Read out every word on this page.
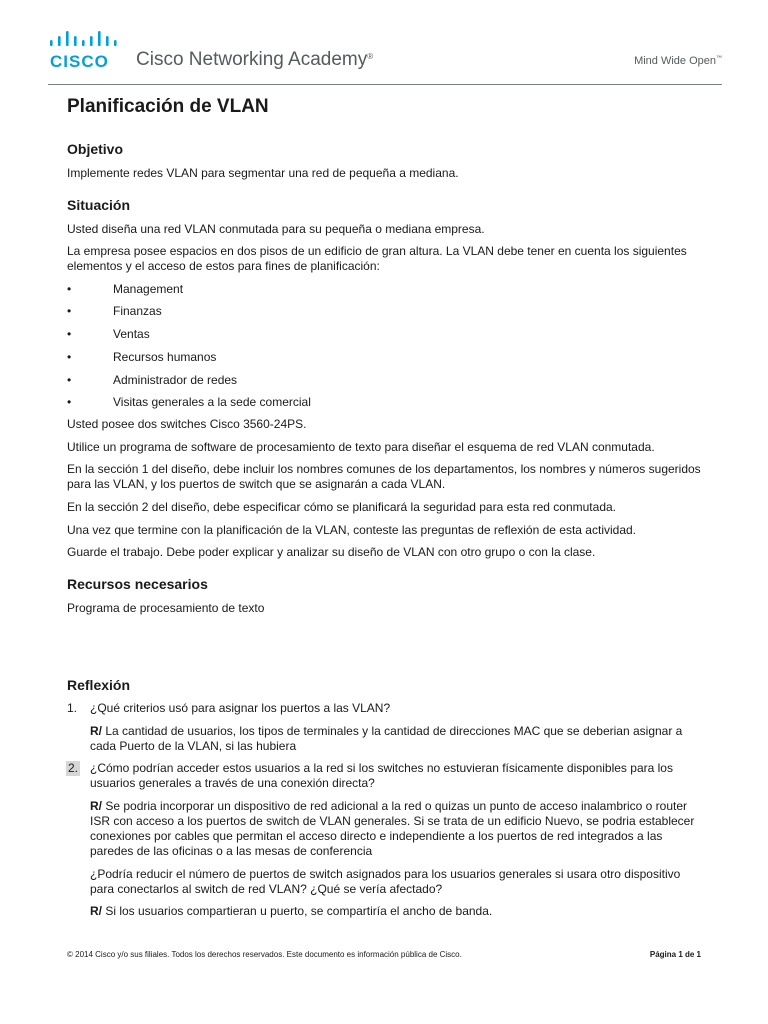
CISCO Cisco Networking Academy®	Mind Wide Open™
Planificación de VLAN
Objetivo

Implemente redes VLAN para segmentar una red de pequeña a mediana.

Situación

Usted diseña una red VLAN conmutada para su pequeña o mediana empresa.

La empresa posee espacios en dos pisos de un edificio de gran altura. La VLAN debe tener en cuenta los siguientes elementos y el acceso de estos para fines de planificación:

•	Management
•	Finanzas
•	Ventas
•	Recursos humanos
•	Administrador de redes
•	Visitas generales a la sede comercial

Usted posee dos switches Cisco 3560-24PS.

Utilice un programa de software de procesamiento de texto para diseñar el esquema de red VLAN conmutada.

En la sección 1 del diseño, debe incluir los nombres comunes de los departamentos, los nombres y números sugeridos para las VLAN, y los puertos de switch que se asignarán a cada VLAN.

En la sección 2 del diseño, debe especificar cómo se planificará la seguridad para esta red conmutada.

Una vez que termine con la planificación de la VLAN, conteste las preguntas de reflexión de esta actividad.

Guarde el trabajo. Debe poder explicar y analizar su diseño de VLAN con otro grupo o con la clase.

Recursos necesarios

Programa de procesamiento de texto

Reflexión
1. ¿Qué criterios usó para asignar los puertos a las VLAN?
R/ La cantidad de usuarios, los tipos de terminales y la cantidad de direcciones MAC que se deberian asignar a cada Puerto de la VLAN, si las hubiera
2. ¿Cómo podrían acceder estos usuarios a la red si los switches no estuvieran físicamente disponibles para los usuarios generales a través de una conexión directa?
R/ Se podria incorporar un dispositivo de red adicional a la red o quizas un punto de acceso inalambrico o router ISR con acceso a los puertos de switch de VLAN generales. Si se trata de un edificio Nuevo, se podria establecer conexiones por cables que permitan el acceso directo e independiente a los puertos de red integrados a las paredes de las oficinas o a las mesas de conferencia
¿Podría reducir el número de puertos de switch asignados para los usuarios generales si usara otro dispositivo para conectarlos al switch de red VLAN? ¿Qué se vería afectado?
R/ Si los usuarios compartieran u puerto, se compartiría el ancho de banda.
© 2014 Cisco y/o sus filiales. Todos los derechos reservados. Este documento es información pública de Cisco.	Página 1 de 1
